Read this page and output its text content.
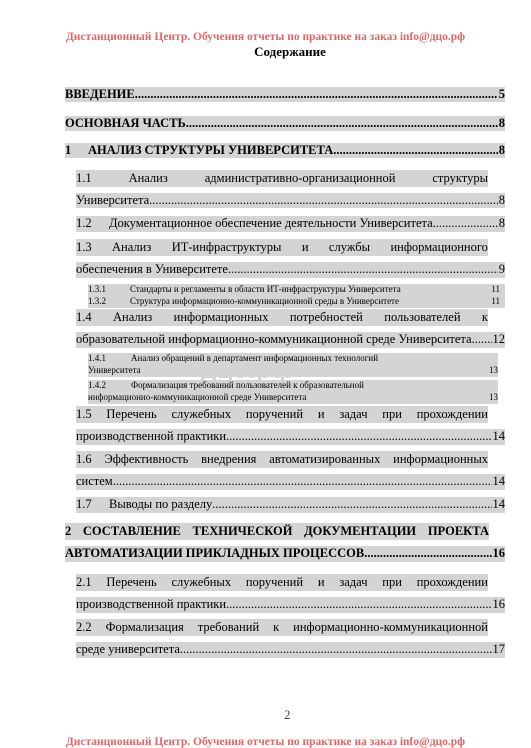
Дистанционный Центр. Обучения отчеты по практике на заказ info@дцо.рф
Содержание
ВВЕДЕНИЕ .....	5
ОСНОВНАЯ ЧАСТЬ .....	8
1 АНАЛИЗ СТРУКТУРЫ УНИВЕРСИТЕТА .....	8
1.1	Анализ	административно-организационной	структуры
Университета .....	8
1.2 Документационное обеспечение деятельности Университета .....	8
1.3 Анализ ИТ-инфраструктуры и службы информационного
обеспечения в Университете .....	9
1.3.1	Стандарты и регламенты в области ИТ-инфраструктуры Университета	11
1.3.2	Структура информационно-коммуникационной среды в Университете	11
1.4 Анализ информационных потребностей пользователей к
образовательной информационно-коммуникационной среде Университета ..... 12
1.4.1	Анализ обращений в департамент информационных технологий
Университета	13
1.4.2	Формализация требований пользователей к образовательной
информационно-коммуникационной среде Университета	13
1.5 Перечень служебных поручений и задач при прохождении
производственной практики. .....	14
1.6 Эффективность внедрения автоматизированных информационных
систем .....	14
1.7 Выводы по разделу .....	14
2 СОСТАВЛЕНИЕ ТЕХНИЧЕСКОЙ ДОКУМЕНТАЦИИ ПРОЕКТА
АВТОМАТИЗАЦИИ ПРИКЛАДНЫХ ПРОЦЕССОВ .....	16
2.1 Перечень служебных поручений и задач при прохождении
производственной практики. .....	16
2.2 Формализация требований к информационно-коммуникационной
среде университета .....	17
2
Дистанционный Центр. Обучения отчеты по практике на заказ info@дцо.рф
